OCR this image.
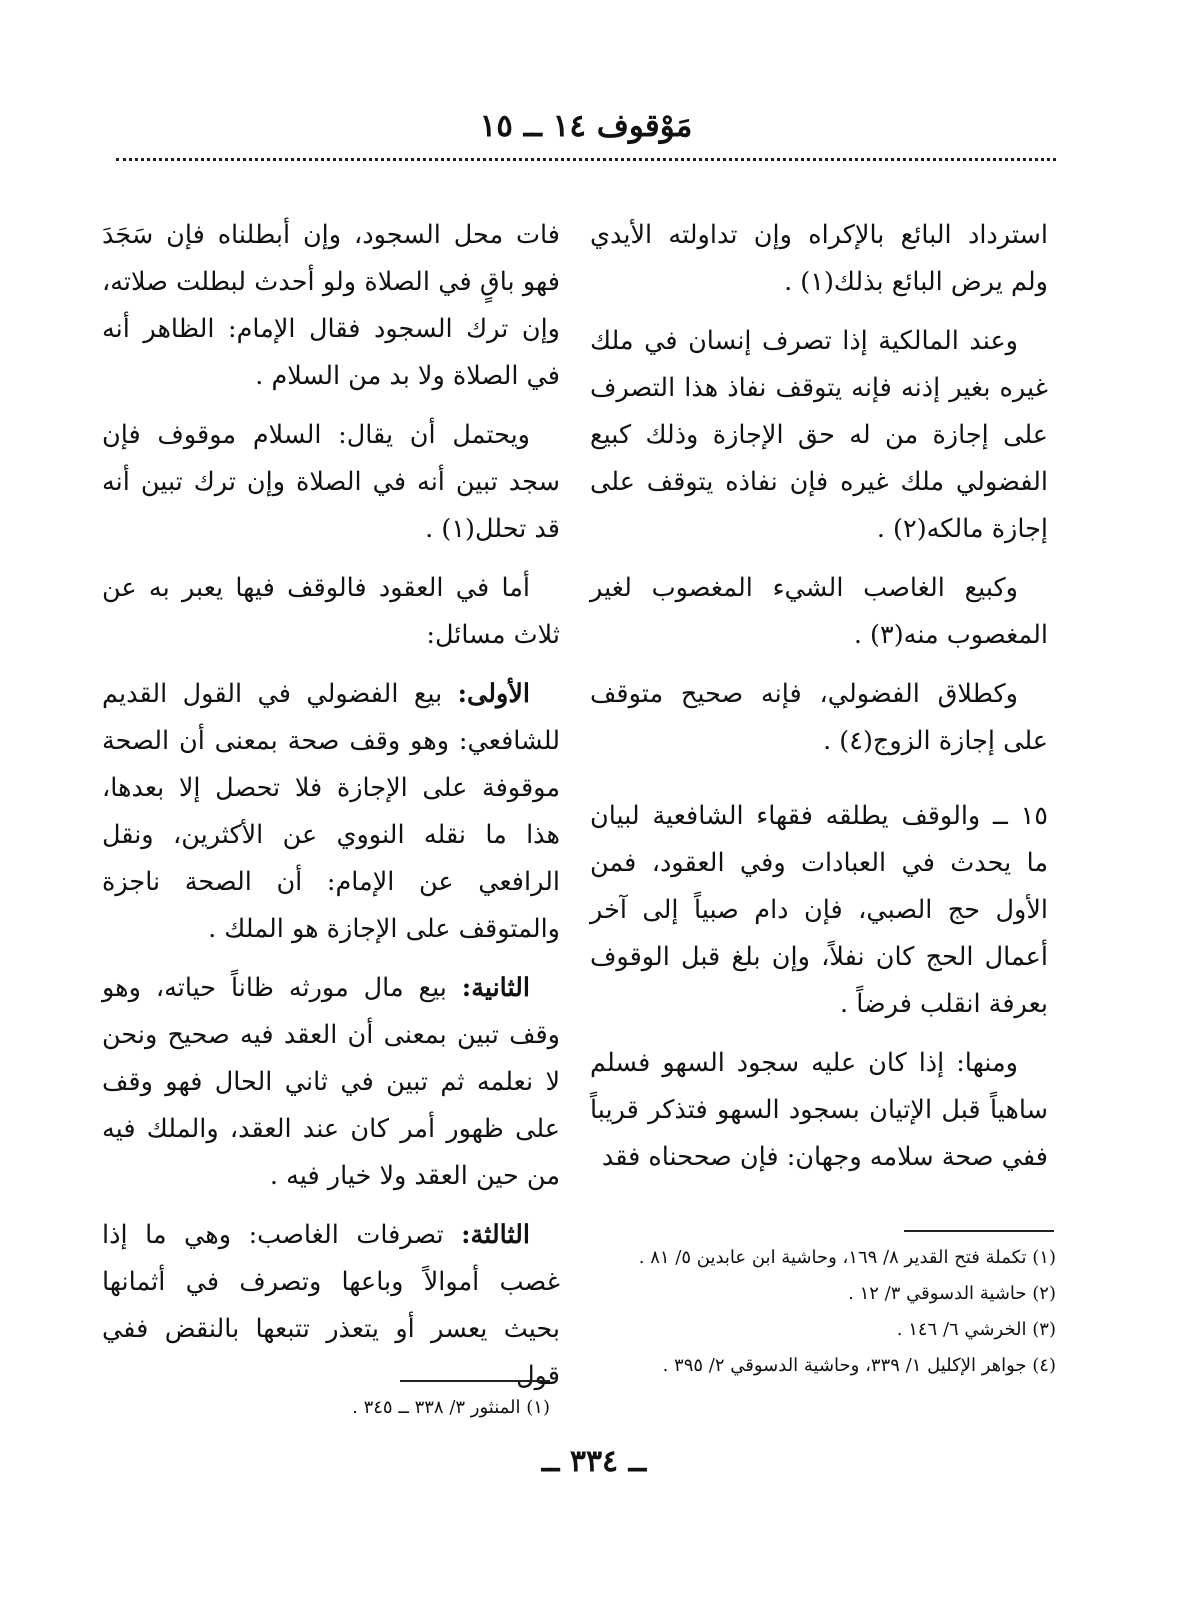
مَوْقوف ١٤ ــ ١٥

استرداد البائع بالإكراه وإن تداولته الأيدي ولم يرض البائع بذلك(١) .

وعند المالكية إذا تصرف إنسان في ملك غيره بغير إذنه فإنه يتوقف نفاذ هذا التصرف على إجازة من له حق الإجازة وذلك كبيع الفضولي ملك غيره فإن نفاذه يتوقف على إجازة مالكه(٢) .

وكبيع الغاصب الشيء المغصوب لغير المغصوب منه(٣) .

وكطلاق الفضولي، فإنه صحيح متوقف على إجازة الزوج(٤) .

١٥ ــ والوقف يطلقه فقهاء الشافعية لبيان ما يحدث في العبادات وفي العقود، فمن الأول حج الصبي، فإن دام صبياً إلى آخر أعمال الحج كان نفلاً، وإن بلغ قبل الوقوف بعرفة انقلب فرضاً .

ومنها: إذا كان عليه سجود السهو فسلم ساهياً قبل الإتيان بسجود السهو فتذكر قريباً ففي صحة سلامه وجهان: فإن صححناه فقد

(١) تكملة فتح القدير ٨/ ١٦٩، وحاشية ابن عابدين ٥/ ٨١ .

(٢) حاشية الدسوقي ٣/ ١٢ .

(٣) الخرشي ٦/ ١٤٦ .

(٤) جواهر الإكليل ١/ ٣٣٩، وحاشية الدسوقي ٢/ ٣٩٥ .

فات محل السجود، وإن أبطلناه فإن سَجَدَ فهو باقٍ في الصلاة ولو أحدث لبطلت صلاته، وإن ترك السجود فقال الإمام: الظاهر أنه في الصلاة ولا بد من السلام .

ويحتمل أن يقال: السلام موقوف فإن سجد تبين أنه في الصلاة وإن ترك تبين أنه قد تحلل(١) .

أما في العقود فالوقف فيها يعبر به عن ثلاث مسائل:

الأولى: بيع الفضولي في القول القديم للشافعي: وهو وقف صحة بمعنى أن الصحة موقوفة على الإجازة فلا تحصل إلا بعدها، هذا ما نقله النووي عن الأكثرين، ونقل الرافعي عن الإمام: أن الصحة ناجزة والمتوقف على الإجازة هو الملك .

الثانية: بيع مال مورثه ظاناً حياته، وهو وقف تبين بمعنى أن العقد فيه صحيح ونحن لا نعلمه ثم تبين في ثاني الحال فهو وقف على ظهور أمر كان عند العقد، والملك فيه من حين العقد ولا خيار فيه .

الثالثة: تصرفات الغاصب: وهي ما إذا غصب أموالاً وباعها وتصرف في أثمانها بحيث يعسر أو يتعذر تتبعها بالنقض ففي قول

(١) المنثور ٣/ ٣٣٨ ــ ٣٤٥ .

ــ ٣٣٤ ــ
